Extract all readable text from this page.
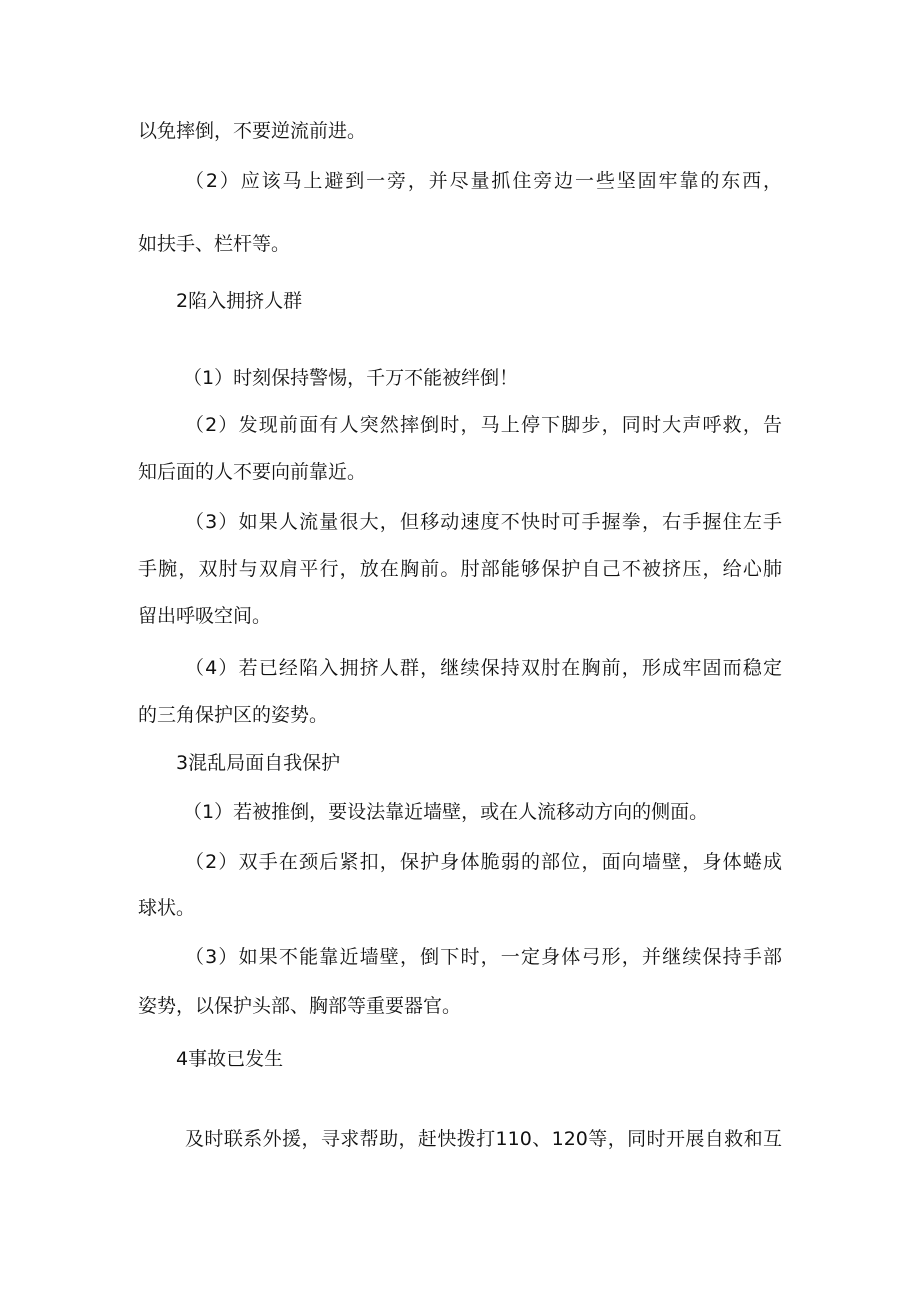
以免摔倒，不要逆流前进。
（2）应该马上避到一旁，并尽量抓住旁边一些坚固牢靠的东西，
如扶手、栏杆等。
2陷入拥挤人群
（1）时刻保持警惕，千万不能被绊倒！
（2）发现前面有人突然摔倒时，马上停下脚步，同时大声呼救，告
知后面的人不要向前靠近。
（3）如果人流量很大，但移动速度不快时可手握拳，右手握住左手
手腕，双肘与双肩平行，放在胸前。肘部能够保护自己不被挤压，给心肺
留出呼吸空间。
（4）若已经陷入拥挤人群，继续保持双肘在胸前，形成牢固而稳定
的三角保护区的姿势。
3混乱局面自我保护
（1）若被推倒，要设法靠近墙壁，或在人流移动方向的侧面。
（2）双手在颈后紧扣，保护身体脆弱的部位，面向墙壁，身体蜷成
球状。
（3）如果不能靠近墙壁，倒下时，一定身体弓形，并继续保持手部
姿势，以保护头部、胸部等重要器官。
4事故已发生
及时联系外援，寻求帮助，赶快拨打110、120等，同时开展自救和互
